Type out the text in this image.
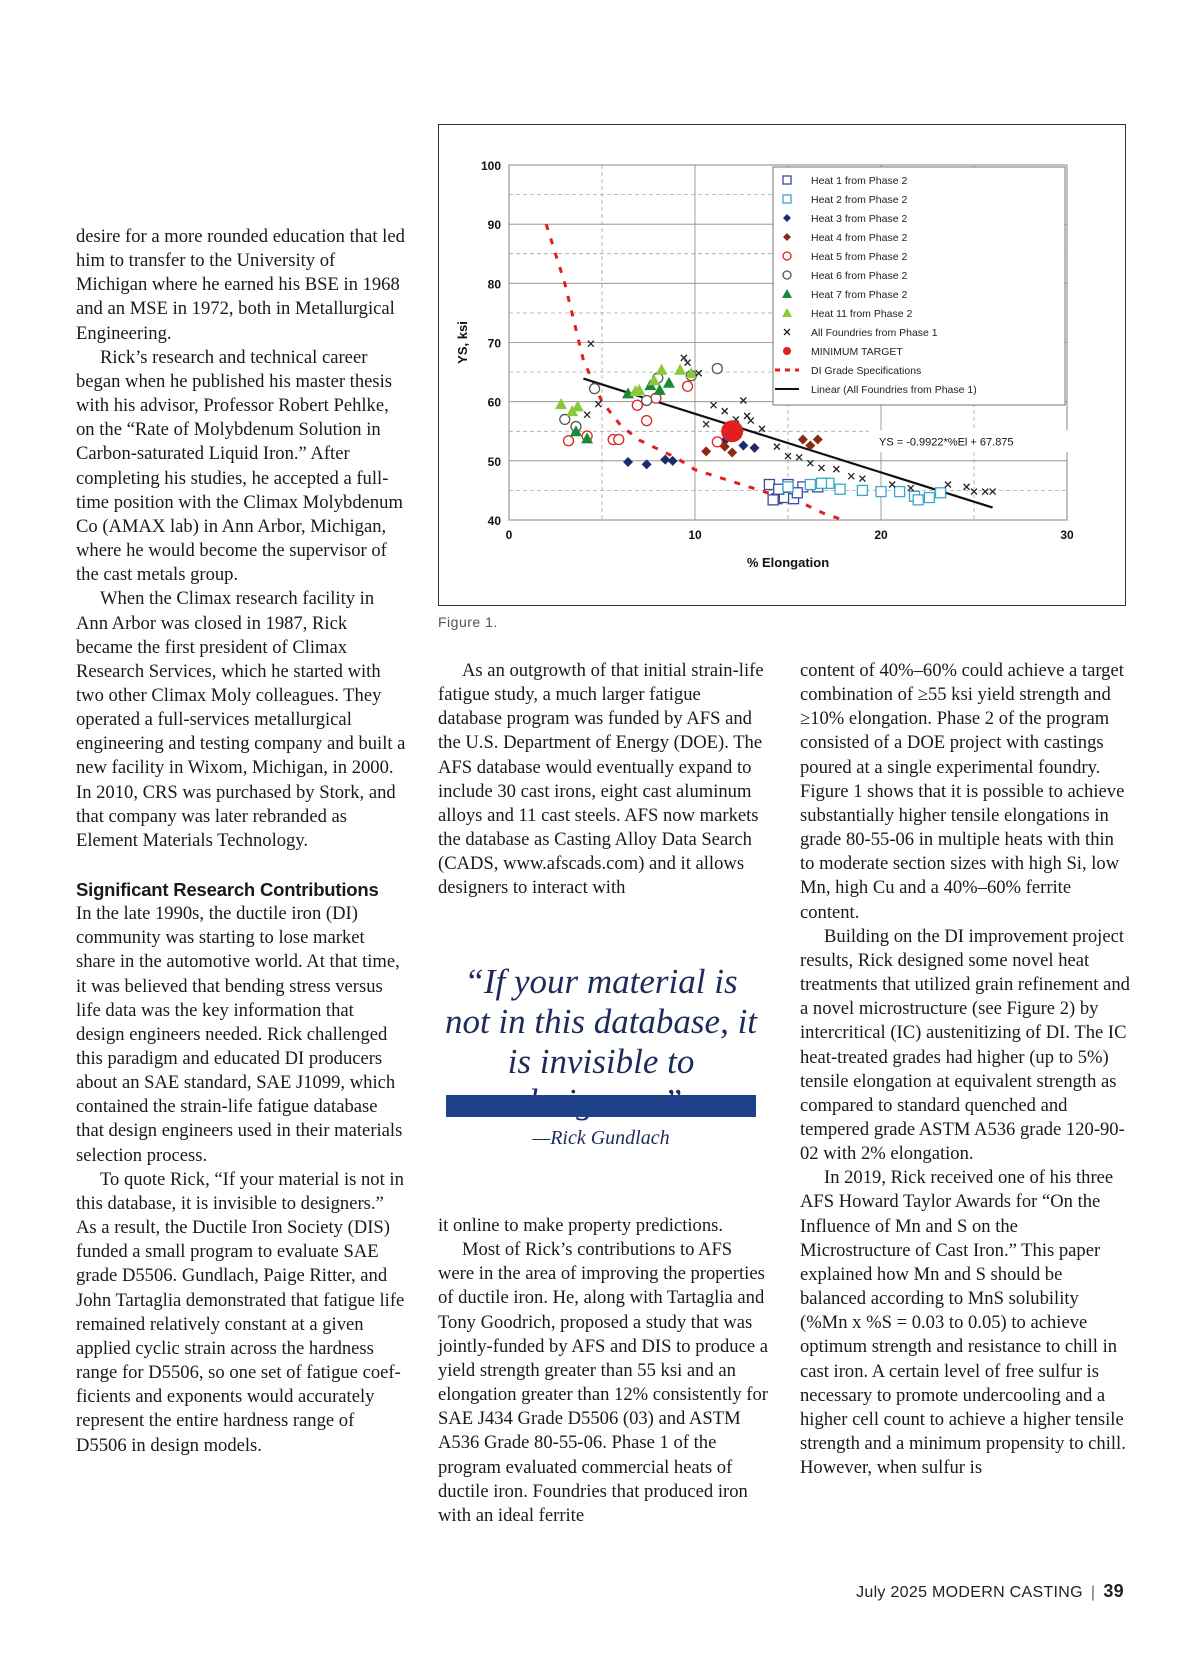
40
50
60
70
80
90
100
0	10	20	30
% Elongation
YS, ksi
YS = -0.9922*%El + 67.875
Heat 1 from Phase 2
Heat 2 from Phase 2
Heat 3 from Phase 2
Heat 4 from Phase 2
Heat 5 from Phase 2
Heat 6 from Phase 2
Heat 7 from Phase 2
Heat 11 from Phase 2
All Foundries from Phase 1
MINIMUM TARGET
DI Grade Specifications
Linear (All Foundries from Phase 1)
Figure 1.

desire for a more rounded education that led him to transfer to the University of Michigan where he earned his BSE in 1968 and an MSE in 1972, both in Metallurgical Engineering.

Rick’s research and technical career began when he published his master thesis with his advisor, Professor Robert Pehlke, on the “Rate of Molybdenum Solution in Carbon-saturated Liquid Iron.” After completing his studies, he accepted a full-time position with the Climax Molybdenum Co (AMAX lab) in Ann Arbor, Michigan, where he would become the supervisor of the cast metals group.

When the Climax research facility in Ann Arbor was closed in 1987, Rick became the first president of Climax Research Services, which he started with two other Climax Moly colleagues. They operated a full-services metallurgical engineering and testing company and built a new facility in Wixom, Michigan, in 2000. In 2010, CRS was purchased by Stork, and that company was later rebranded as Element Materials Technology.

Significant Research Contributions

In the late 1990s, the ductile iron (DI) community was starting to lose market share in the automotive world. At that time, it was believed that bending stress versus life data was the key information that design engineers needed. Rick challenged this paradigm and educated DI producers about an SAE standard, SAE J1099, which contained the strain-life fatigue database that design engineers used in their materials selection process.

To quote Rick, “If your material is not in this database, it is invisible to designers.” As a result, the Ductile Iron Society (DIS) funded a small program to evaluate SAE grade D5506. Gundlach, Paige Ritter, and John Tartaglia demonstrated that fatigue life remained relatively constant at a given applied cyclic strain across the hardness range for D5506, so one set of fatigue coefficients and exponents would accurately represent the entire hardness range of D5506 in design models.

As an outgrowth of that initial strain-life fatigue study, a much larger fatigue database program was funded by AFS and the U.S. Department of Energy (DOE). The AFS database would eventually expand to include 30 cast irons, eight cast aluminum alloys and 11 cast steels. AFS now markets the database as Casting Alloy Data Search (CADS, www.afscads.com) and it allows designers to interact with

“If your material is not in this database, it is invisible to
—Rick Gundlach

it online to make property predictions.

Most of Rick’s contributions to AFS were in the area of improving the properties of ductile iron. He, along with Tartaglia and Tony Goodrich, proposed a study that was jointly-funded by AFS and DIS to produce a yield strength greater than 55 ksi and an elongation greater than 12% consistently for SAE J434 Grade D5506 (03) and ASTM A536 Grade 80-55-06. Phase 1 of the program evaluated commercial heats of ductile iron. Foundries that produced iron with an ideal ferrite

content of 40%–60% could achieve a target combination of ≥55 ksi yield strength and ≥10% elongation. Phase 2 of the program consisted of a DOE project with castings poured at a single experimental foundry. Figure 1 shows that it is possible to achieve substantially higher tensile elongations in grade 80-55-06 in multiple heats with thin to moderate section sizes with high Si, low Mn, high Cu and a 40%–60% ferrite content.

Building on the DI improvement project results, Rick designed some novel heat treatments that utilized grain refinement and a novel microstructure (see Figure 2) by intercritical (IC) austenitizing of DI. The IC heat-treated grades had higher (up to 5%) tensile elongation at equivalent strength as compared to standard quenched and tempered grade ASTM A536 grade 120-90-02 with 2% elongation.

In 2019, Rick received one of his three AFS Howard Taylor Awards for “On the Influence of Mn and S on the Microstructure of Cast Iron.” This paper explained how Mn and S should be balanced according to MnS solubility (%Mn x %S = 0.03 to 0.05) to achieve optimum strength and resistance to chill in cast iron. A certain level of free sulfur is necessary to promote undercooling and a higher cell count to achieve a higher tensile strength and a minimum propensity to chill. However, when sulfur is

July 2025 MODERN CASTING | 39
